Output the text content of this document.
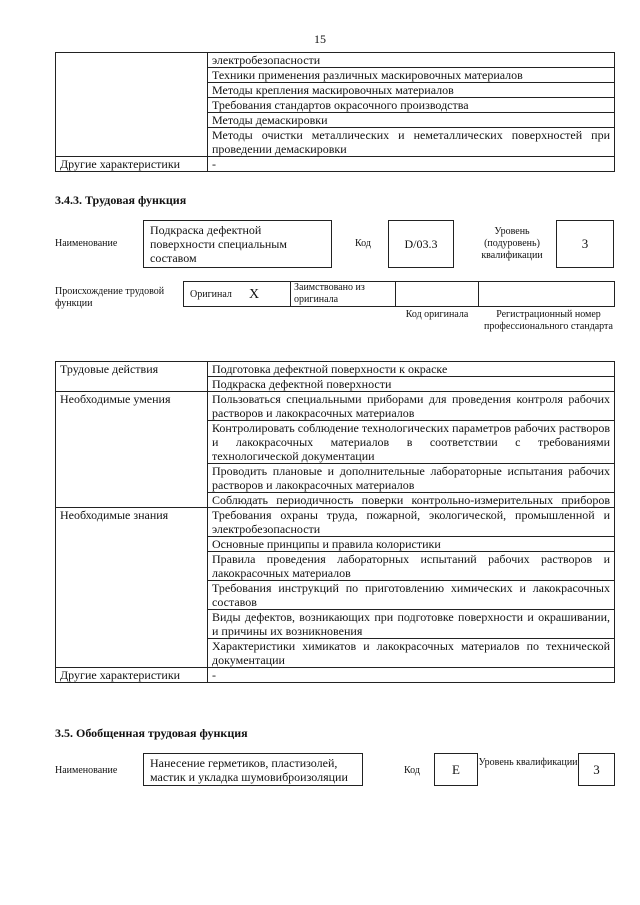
15
	электробезопасности
	Техники применения различных маскировочных материалов
	Методы крепления маскировочных материалов
	Требования стандартов окрасочного производства
	Методы демаскировки
	Методы очистки металлических и неметаллических поверхностей при проведении демаскировки
Другие характеристики	-
3.4.3. Трудовая функция
Наименование
Подкраска дефектной поверхности специальным составом
Код	D/03.3
Уровень (подуровень) квалификации
3
Происхождение трудовой функции
Оригинал X	Заимствовано из оригинала
Код оригинала	Регистрационный номер профессионального стандарта
Трудовые действия	Подготовка дефектной поверхности к окраске
	Подкраска дефектной поверхности
Необходимые умения	Пользоваться специальными приборами для проведения контроля рабочих растворов и лакокрасочных материалов
	Контролировать соблюдение технологических параметров рабочих растворов и лакокрасочных материалов в соответствии с требованиями технологической документации
	Проводить плановые и дополнительные лабораторные испытания рабочих растворов и лакокрасочных материалов
	Соблюдать периодичность поверки контрольно-измерительных приборов
Необходимые знания	Требования охраны труда, пожарной, экологической, промышленной и электробезопасности
	Основные принципы и правила колористики
	Правила проведения лабораторных испытаний рабочих растворов и лакокрасочных материалов
	Требования инструкций по приготовлению химических и лакокрасочных составов
	Виды дефектов, возникающих при подготовке поверхности и окрашивании, и причины их возникновения
	Характеристики химикатов и лакокрасочных материалов по технической документации
Другие характеристики	-
3.5. Обобщенная трудовая функция
Наименование
Нанесение герметиков, пластизолей, мастик и укладка шумовиброизоляции	Код	E	Уровень квалификации	3
